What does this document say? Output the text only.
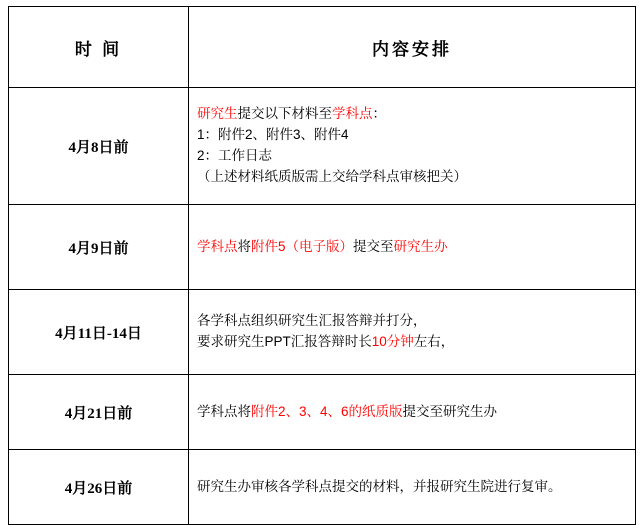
时 间	内容安排
4月8日前	研究生提交以下材料至学科点：
1：附件2、附件3、附件4
2：工作日志
（上述材料纸质版需上交给学科点审核把关）

4月9日前	学科点将附件5（电子版）提交至研究生办

4月11日-14日	各学科点组织研究生汇报答辩并打分，
要求研究生PPT汇报答辩时长10分钟左右，

4月21日前	学科点将附件2、3、4、6的纸质版提交至研究生办

4月26日前	研究生办审核各学科点提交的材料，并报研究生院进行复审。
